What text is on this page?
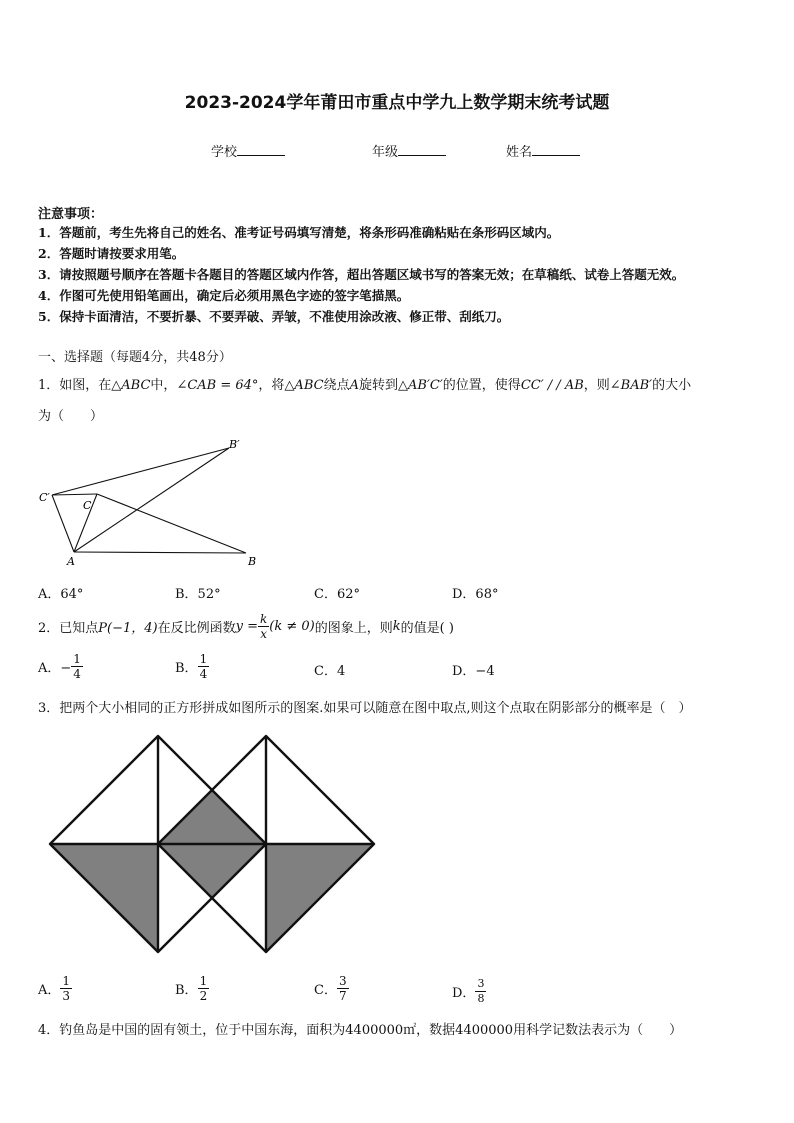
2023-2024学年莆田市重点中学九上数学期末统考试题
学校	年级	姓名
注意事项：
1．答题前，考生先将自己的姓名、准考证号码填写清楚，将条形码准确粘贴在条形码区域内。
2．答题时请按要求用笔。
3．请按照题号顺序在答题卡各题目的答题区域内作答，超出答题区域书写的答案无效；在草稿纸、试卷上答题无效。
4．作图可先使用铅笔画出，确定后必须用黑色字迹的签字笔描黑。
5．保持卡面清洁，不要折暴、不要弄破、弄皱，不准使用涂改液、修正带、刮纸刀。
一、选择题（每题4分，共48分）
1．如图，在△ABC中，∠CAB = 64°，将△ABC绕点A旋转到△AB′C′的位置，使得CC′ / / AB，则∠BAB′的大小
为（　　）
B′
C′
C
A	B
A．64°	B．52°	C．62°	D．68°
2．已知点 P(−1，4) 在反比例函数 $y = \frac{k}{x} (k \ne 0)$ 的图象上，则 k 的值是( )
A．− $\frac{1}{4}$	B． $\frac{1}{4}$	C．4	D．−4
3．把两个大小相同的正方形拼成如图所示的图案.如果可以随意在图中取点,则这个点取在阴影部分的概率是（　）
A． $\frac{1}{3}$	B． $\frac{1}{2}$	C． $\frac{3}{7}$	D． $\frac{3}{8}$
4．钓鱼岛是中国的固有领土，位于中国东海，面积为4400000㎡，数据4400000用科学记数法表示为（　　）
